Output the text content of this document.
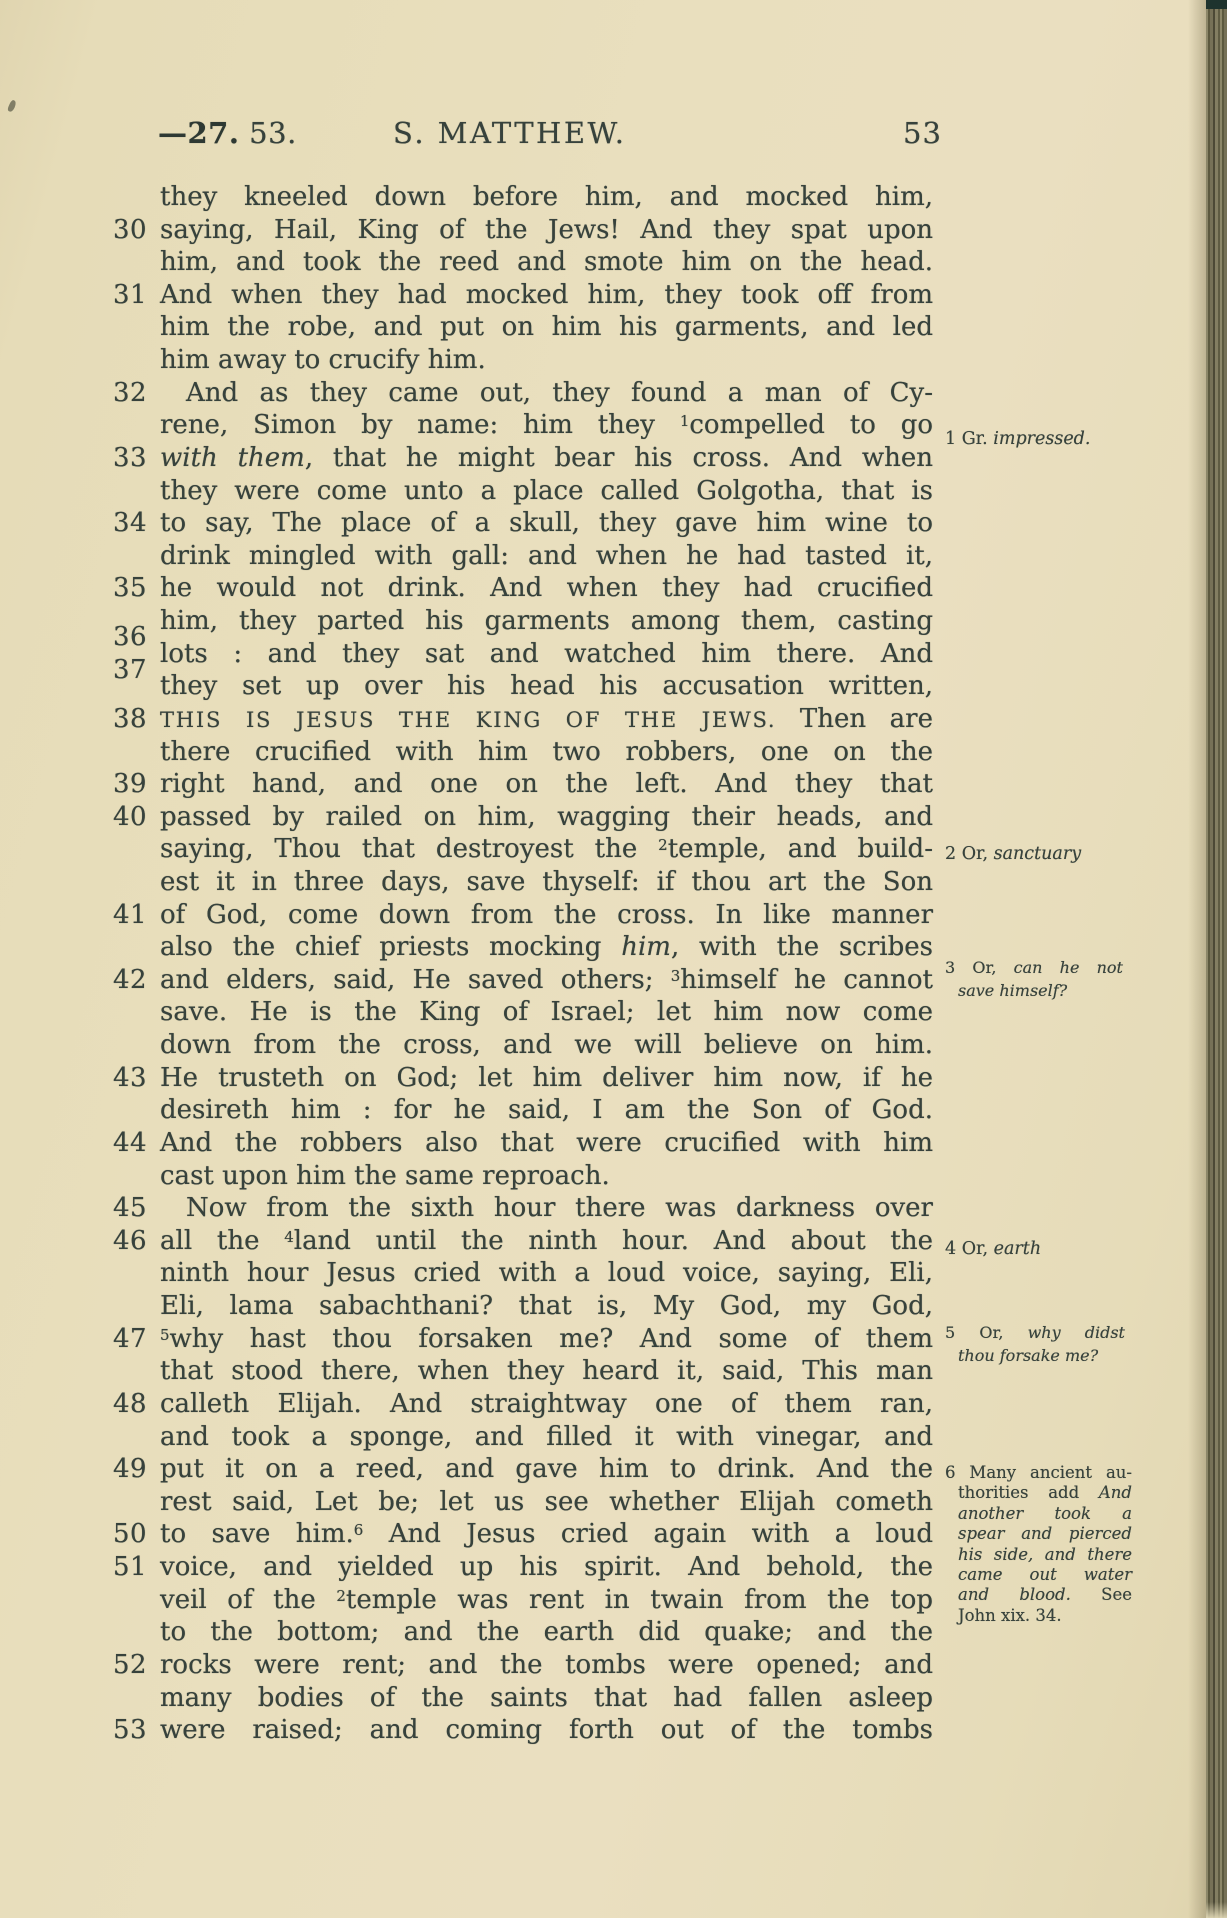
—27. 53.	S. MATTHEW.	53
they kneeled down before him, and mocked him,
30 saying, Hail, King of the Jews! And they spat upon
him, and took the reed and smote him on the head.
31 And when they had mocked him, they took off from
him the robe, and put on him his garments, and led
him away to crucify him.
32  And as they came out, they found a man of Cy-
rene, Simon by name: him they $^1$compelled to go
33 with them, that he might bear his cross. And when
they were come unto a place called Golgotha, that is
34 to say, The place of a skull, they gave him wine to
drink mingled with gall: and when he had tasted it,
35 he would not drink. And when they had crucified
36
him, they parted his garments among them, casting
37
lots : and they sat and watched him there. And
they set up over his head his accusation written,
38 THIS IS JESUS THE KING OF THE JEWS. Then are
there crucified with him two robbers, one on the
39 right hand, and one on the left. And they that
40 passed by railed on him, wagging their heads, and
saying, Thou that destroyest the $^2$temple, and build-
est it in three days, save thyself: if thou art the Son
41 of God, come down from the cross. In like manner
also the chief priests mocking him, with the scribes
42 and elders, said, He saved others; $^3$himself he cannot
save. He is the King of Israel; let him now come
down from the cross, and we will believe on him.
43 He trusteth on God; let him deliver him now, if he
desireth him : for he said, I am the Son of God.
44 And the robbers also that were crucified with him
cast upon him the same reproach.
45  Now from the sixth hour there was darkness over
46 all the $^4$land until the ninth hour. And about the
ninth hour Jesus cried with a loud voice, saying, Eli,
Eli, lama sabachthani? that is, My God, my God,
47 $^5$why hast thou forsaken me? And some of them
that stood there, when they heard it, said, This man
48 calleth Elijah. And straightway one of them ran,
and took a sponge, and filled it with vinegar, and
49 put it on a reed, and gave him to drink. And the
rest said, Let be; let us see whether Elijah cometh
50 to save him.$^6$ And Jesus cried again with a loud
51 voice, and yielded up his spirit. And behold, the
veil of the $^2$temple was rent in twain from the top
to the bottom; and the earth did quake; and the
52 rocks were rent; and the tombs were opened; and
many bodies of the saints that had fallen asleep
53 were raised; and coming forth out of the tombs
1 Gr. impressed.
2 Or, sanctuary
3 Or, can he not
save himself?
4 Or, earth
5 Or, why didst
thou forsake me?
6 Many ancient au-
thorities add And
another took a
spear and pierced
his side, and there
came out water
and blood. See
John xix. 34.
